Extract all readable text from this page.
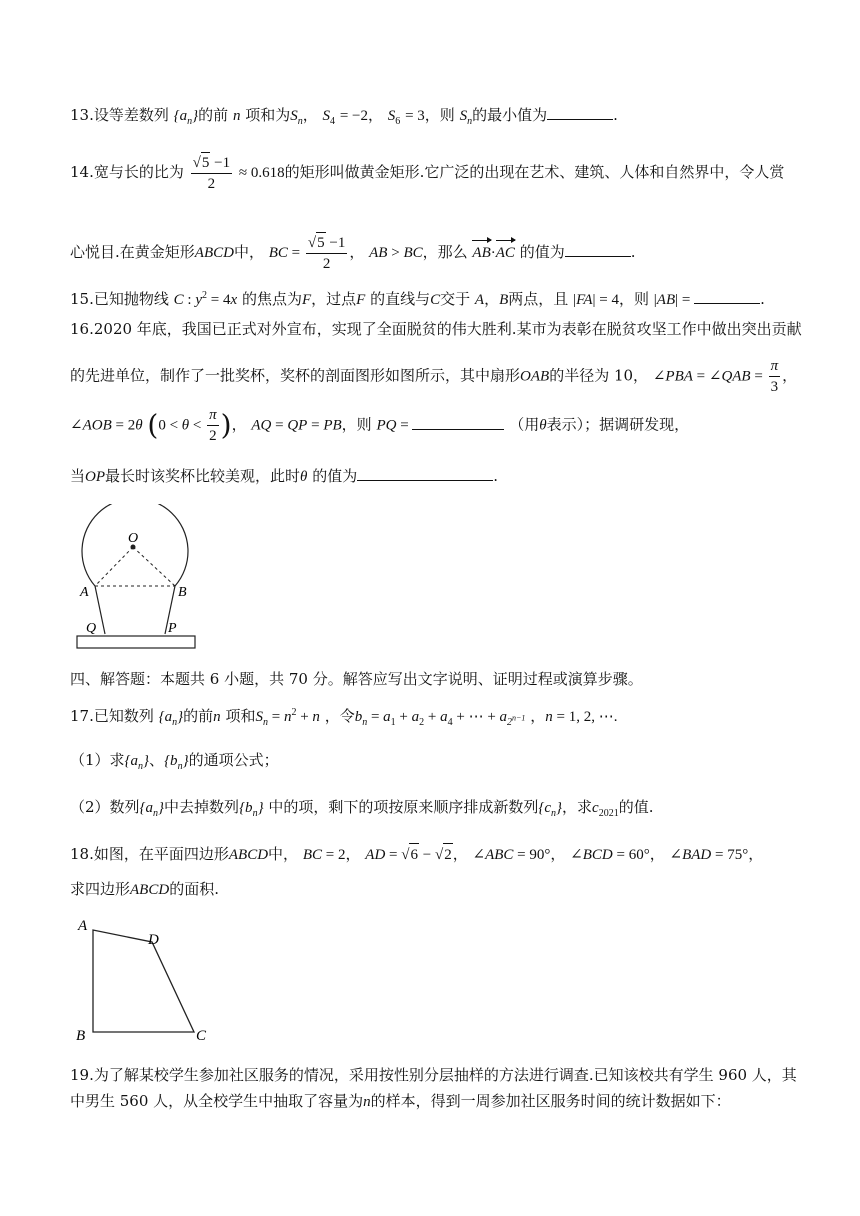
13.设等差数列 $\{a_n\}$的前 n 项和为$S_n$， $S_4 = -2$， $S_6 = 3$，则 $S_n$的最小值为	.
14.宽与长的比为 $\frac{√5 -1}{2} \approx 0.618$的矩形叫做黄金矩形.它广泛的出现在艺术、建筑、人体和自然界中，令人赏
心悦目.在黄金矩形ABCD中， BC = $\frac{√5 -1}{2}$ ， AB > BC，那么 AB·AC 的值为	.
15.已知抛物线 C : $y^2 = 4x$ 的焦点为F，过点F 的直线与C交于 A，B两点，且 |FA| = 4，则 |AB| =	.
16.2020 年底，我国已正式对外宣布，实现了全面脱贫的伟大胜利.某市为表彰在脱贫攻坚工作中做出突出贡献
的先进单位，制作了一批奖杯，奖杯的剖面图形如图所示，其中扇形OAB的半径为 10， ∠PBA = ∠QAB = $\frac{\pi}{3}$ ，
∠AOB = 2θ ($0 < \theta < \frac{\pi}{2}$ )， AQ = QP = PB，则 PQ =	（用θ表示）；据调研发现，
当OP最长时该奖杯比较美观，此时θ 的值为	.
O
A	B
Q	P
四、解答题：本题共 6 小题，共 70 分。解答应写出文字说明、证明过程或演算步骤。
17.已知数列 $\{a_n\}$的前n 项和$S_n = n^2 + n$ ，令$b_n = a_1 + a_2 + a_4$ + ⋯ + $a_{2^{n-1}}$ ，n = 1, 2, ⋯.
（1）求$\{a_n\}$、$\{b_n\}$的通项公式；
（2）数列$\{a_n\}$中去掉数列$\{b_n\}$ 中的项，剩下的项按原来顺序排成新数列$\{c_n\}$，求$c_{2021}$的值.
18.如图，在平面四边形ABCD中， BC = 2， AD = √6 − √2， ∠ABC = 90°， ∠BCD = 60°， ∠BAD = 75°，
求四边形ABCD的面积.
A
D
B	C
19.为了解某校学生参加社区服务的情况，采用按性别分层抽样的方法进行调查.已知该校共有学生 960 人，其
中男生 560 人，从全校学生中抽取了容量为n的样本，得到一周参加社区服务时间的统计数据如下：
